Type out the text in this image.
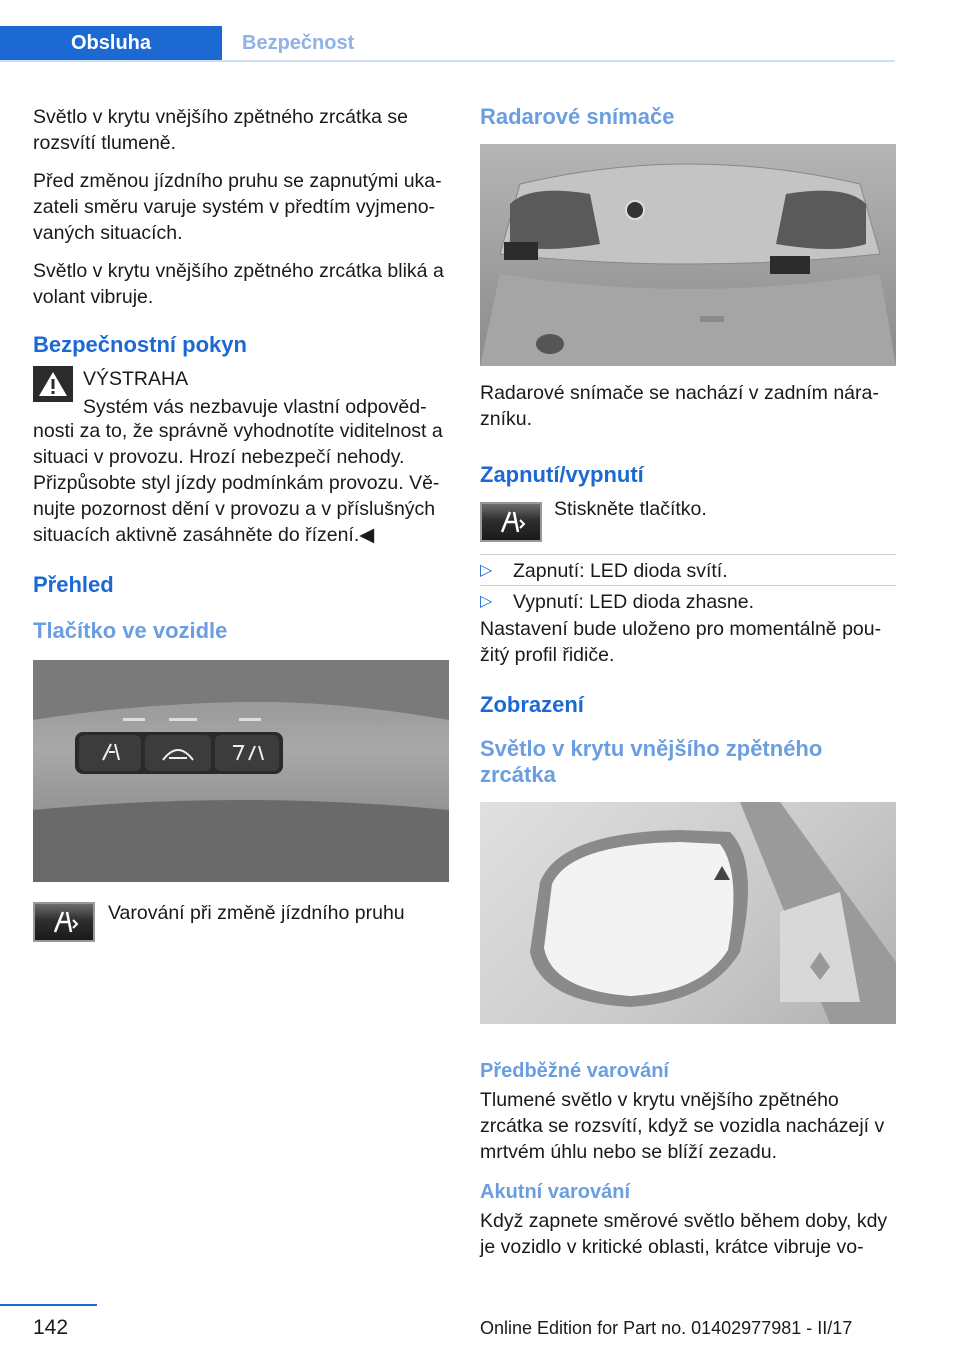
Obsluha	Bezpečnost

Světlo v krytu vnějšího zpětného zrcátka se rozsvítí tlumeně.

Před změnou jízdního pruhu se zapnutými uka‐zateli směru varuje systém v předtím vyjmeno‐vaných situacích.

Světlo v krytu vnějšího zpětného zrcátka bliká a volant vibruje.

Bezpečnostní pokyn
VÝSTRAHA
Systém vás nezbavuje vlastní odpověd‐

nosti za to, že správně vyhodnotíte viditelnost a situaci v provozu. Hrozí nebezpečí nehody. Přizpůsobte styl jízdy podmínkám provozu. Vě‐nujte pozornost dění v provozu a v příslušných situacích aktivně zasáhněte do řízení.◀

Přehled
Tlačítko ve vozidle
Varování při změně jízdního pruhu
Radarové snímače

Radarové snímače se nachází v zadním nára‐zníku.

Zapnutí/vypnutí
Stiskněte tlačítko.
▷ Zapnutí: LED dioda svítí.
▷ Vypnutí: LED dioda zhasne.

Nastavení bude uloženo pro momentálně pou‐žitý profil řidiče.

Zobrazení
Světlo v krytu vnějšího zpětného zrcátka
Předběžné varování

Tlumené světlo v krytu vnějšího zpětného zrcátka se rozsvítí, když se vozidla nacházejí v mrtvém úhlu nebo se blíží zezadu.

Akutní varování

Když zapnete směrové světlo během doby, kdy je vozidlo v kritické oblasti, krátce vibruje vo‐

142	Online Edition for Part no. 01402977981 - II/17
